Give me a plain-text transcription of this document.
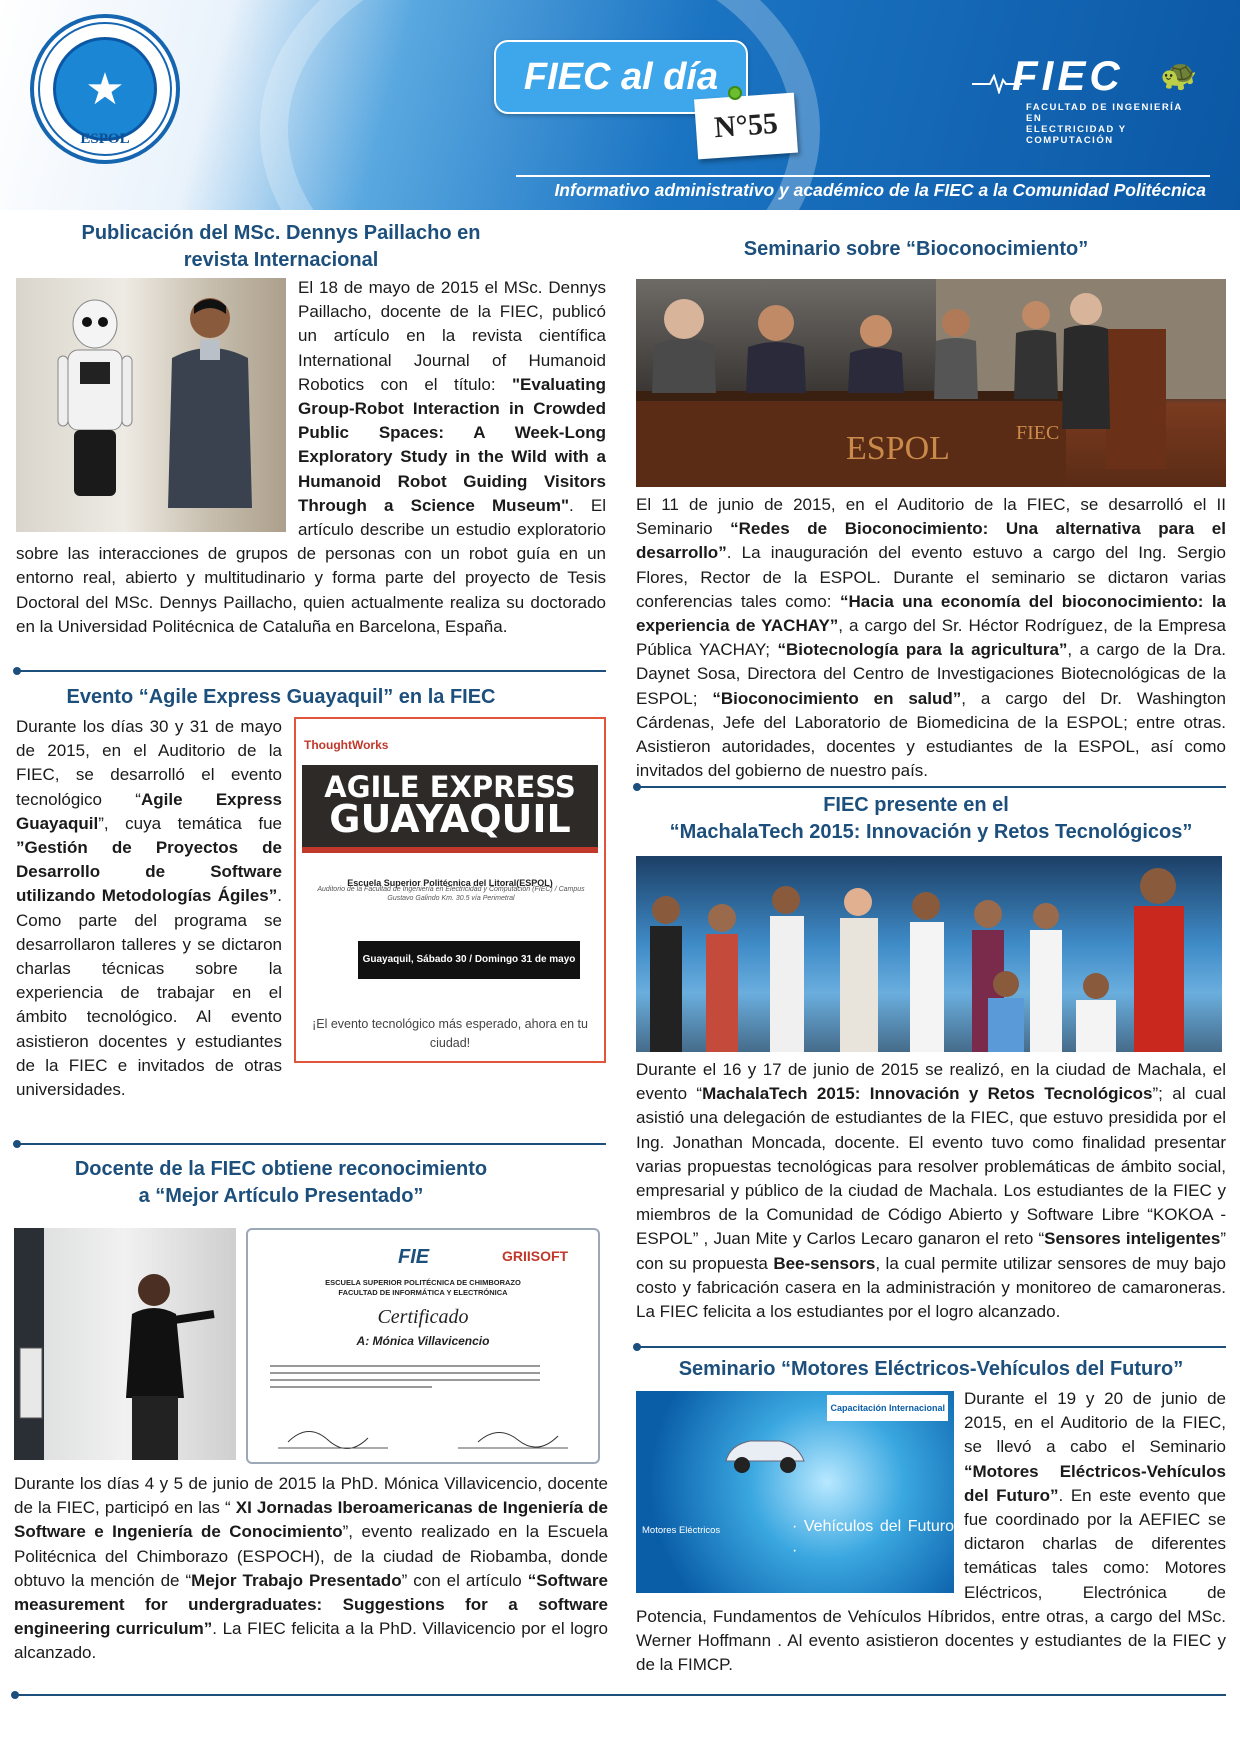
★
ESPOL
FIEC al día
N°55
FIEC 🐢
FACULTAD DE INGENIERÍA EN
ELECTRICIDAD Y COMPUTACIÓN
Informativo administrativo y académico de la FIEC a la Comunidad Politécnica
Publicación del MSc. Dennys Paillacho en
revista Internacional
El 18 de mayo de 2015 el MSc. Dennys Paillacho, docente de la FIEC, publicó un artículo en la revista científica International Journal of Humanoid Robotics con el título: "Evaluating Group-Robot Interaction in Crowded Public Spaces: A Week-Long Exploratory Study in the Wild with a Humanoid Robot Guiding Visitors Through a Science Museum". El artículo describe un estudio exploratorio sobre las interacciones de grupos de personas con un robot guía en un entorno real, abierto y multitudinario y forma parte del proyecto de Tesis Doctoral del MSc. Dennys Paillacho, quien actualmente realiza su doctorado en la Universidad Politécnica de Cataluña en Barcelona, España.
Evento “Agile Express Guayaquil” en la FIEC
ThoughtWorks
AGILE EXPRESS
GUAYAQUIL
Escuela Superior Politécnica del Litoral(ESPOL)
Auditorio de la Facultad de Ingeniería en Electricidad y Computación (FIEC) / Campus Gustavo Galindo Km. 30.5 vía Perimetral
Guayaquil, Sábado 30 / Domingo 31 de mayo 2015
¡El evento tecnológico más esperado, ahora en tu ciudad!
Durante los días 30 y 31 de mayo de 2015, en el Auditorio de la FIEC, se desarrolló el evento tecnológico “Agile Express Guayaquil”, cuya temática fue ”Gestión de Proyectos de Desarrollo de Software utilizando Metodologías Ágiles”. Como parte del programa se desarrollaron talleres y se dictaron charlas técnicas sobre la experiencia de trabajar en el ámbito tecnológico. Al evento asistieron docentes y estudiantes de la FIEC e invitados de otras universidades.
Docente de la FIEC obtiene reconocimiento
a “Mejor Artículo Presentado”
FIE	GRIISOFT
ESCUELA SUPERIOR POLITÉCNICA DE CHIMBORAZO
FACULTAD DE INFORMÁTICA Y ELECTRÓNICA
Certificado
A: Mónica Villavicencio
Durante los días 4 y 5 de junio de 2015 la PhD. Mónica Villavicencio, docente de la FIEC, participó en las “ XI Jornadas Iberoamericanas de Ingeniería de Software e Ingeniería de Conocimiento”, evento realizado en la Escuela Politécnica del Chimborazo (ESPOCH), de la ciudad de Riobamba, donde obtuvo la mención de “Mejor Trabajo Presentado” con el artículo “Software measurement for undergraduates: Suggestions for a software engineering curriculum”. La FIEC felicita a la PhD. Villavicencio por el logro alcanzado.
Seminario sobre “Bioconocimiento”
ESPOL	FIEC
El 11 de junio de 2015, en el Auditorio de la FIEC, se desarrolló el II Seminario “Redes de Bioconocimiento: Una alternativa para el desarrollo”. La inauguración del evento estuvo a cargo del Ing. Sergio Flores, Rector de la ESPOL. Durante el seminario se dictaron varias conferencias tales como: “Hacia una economía del bioconocimiento: la experiencia de YACHAY”, a cargo del Sr. Héctor Rodríguez, de la Empresa Pública YACHAY; “Biotecnología para la agricultura”, a cargo de la Dra. Daynet Sosa, Directora del Centro de Investigaciones Biotecnológicas de la ESPOL; “Bioconocimiento en salud”, a cargo del Dr. Washington Cárdenas, Jefe del Laboratorio de Biomedicina de la ESPOL; entre otras. Asistieron autoridades, docentes y estudiantes de la ESPOL, así como invitados del gobierno de nuestro país.
FIEC presente en el
“MachalaTech 2015: Innovación y Retos Tecnológicos”
Durante el 16 y 17 de junio de 2015 se realizó, en la ciudad de Machala, el evento “MachalaTech 2015: Innovación y Retos Tecnológicos”; al cual asistió una delegación de estudiantes de la FIEC, que estuvo presidida por el Ing. Jonathan Moncada, docente. El evento tuvo como finalidad presentar varias propuestas tecnológicas para resolver problemáticas de ámbito social, empresarial y público de la ciudad de Machala. Los estudiantes de la FIEC y miembros de la Comunidad de Código Abierto y Software Libre “KOKOA - ESPOL” , Juan Mite y Carlos Lecaro ganaron el reto “Sensores inteligentes” con su propuesta Bee-sensors, la cual permite utilizar sensores de muy bajo costo y fabricación casera en la administración y monitoreo de camaroneras. La FIEC felicita a los estudiantes por el logro alcanzado.
Seminario “Motores Eléctricos-Vehículos del Futuro”
Capacitación Internacional
Motores Eléctricos	· Vehículos del Futuro ·
Durante el 19 y 20 de junio de 2015, en el Auditorio de la FIEC, se llevó a cabo el Seminario “Motores Eléctricos-Vehículos del Futuro”. En este evento que fue coordinado por la AEFIEC se dictaron charlas de diferentes temáticas tales como: Motores Eléctricos, Electrónica de Potencia, Fundamentos de Vehículos Híbridos, entre otras, a cargo del MSc. Werner Hoffmann . Al evento asistieron docentes y estudiantes de la FIEC y de la FIMCP.
